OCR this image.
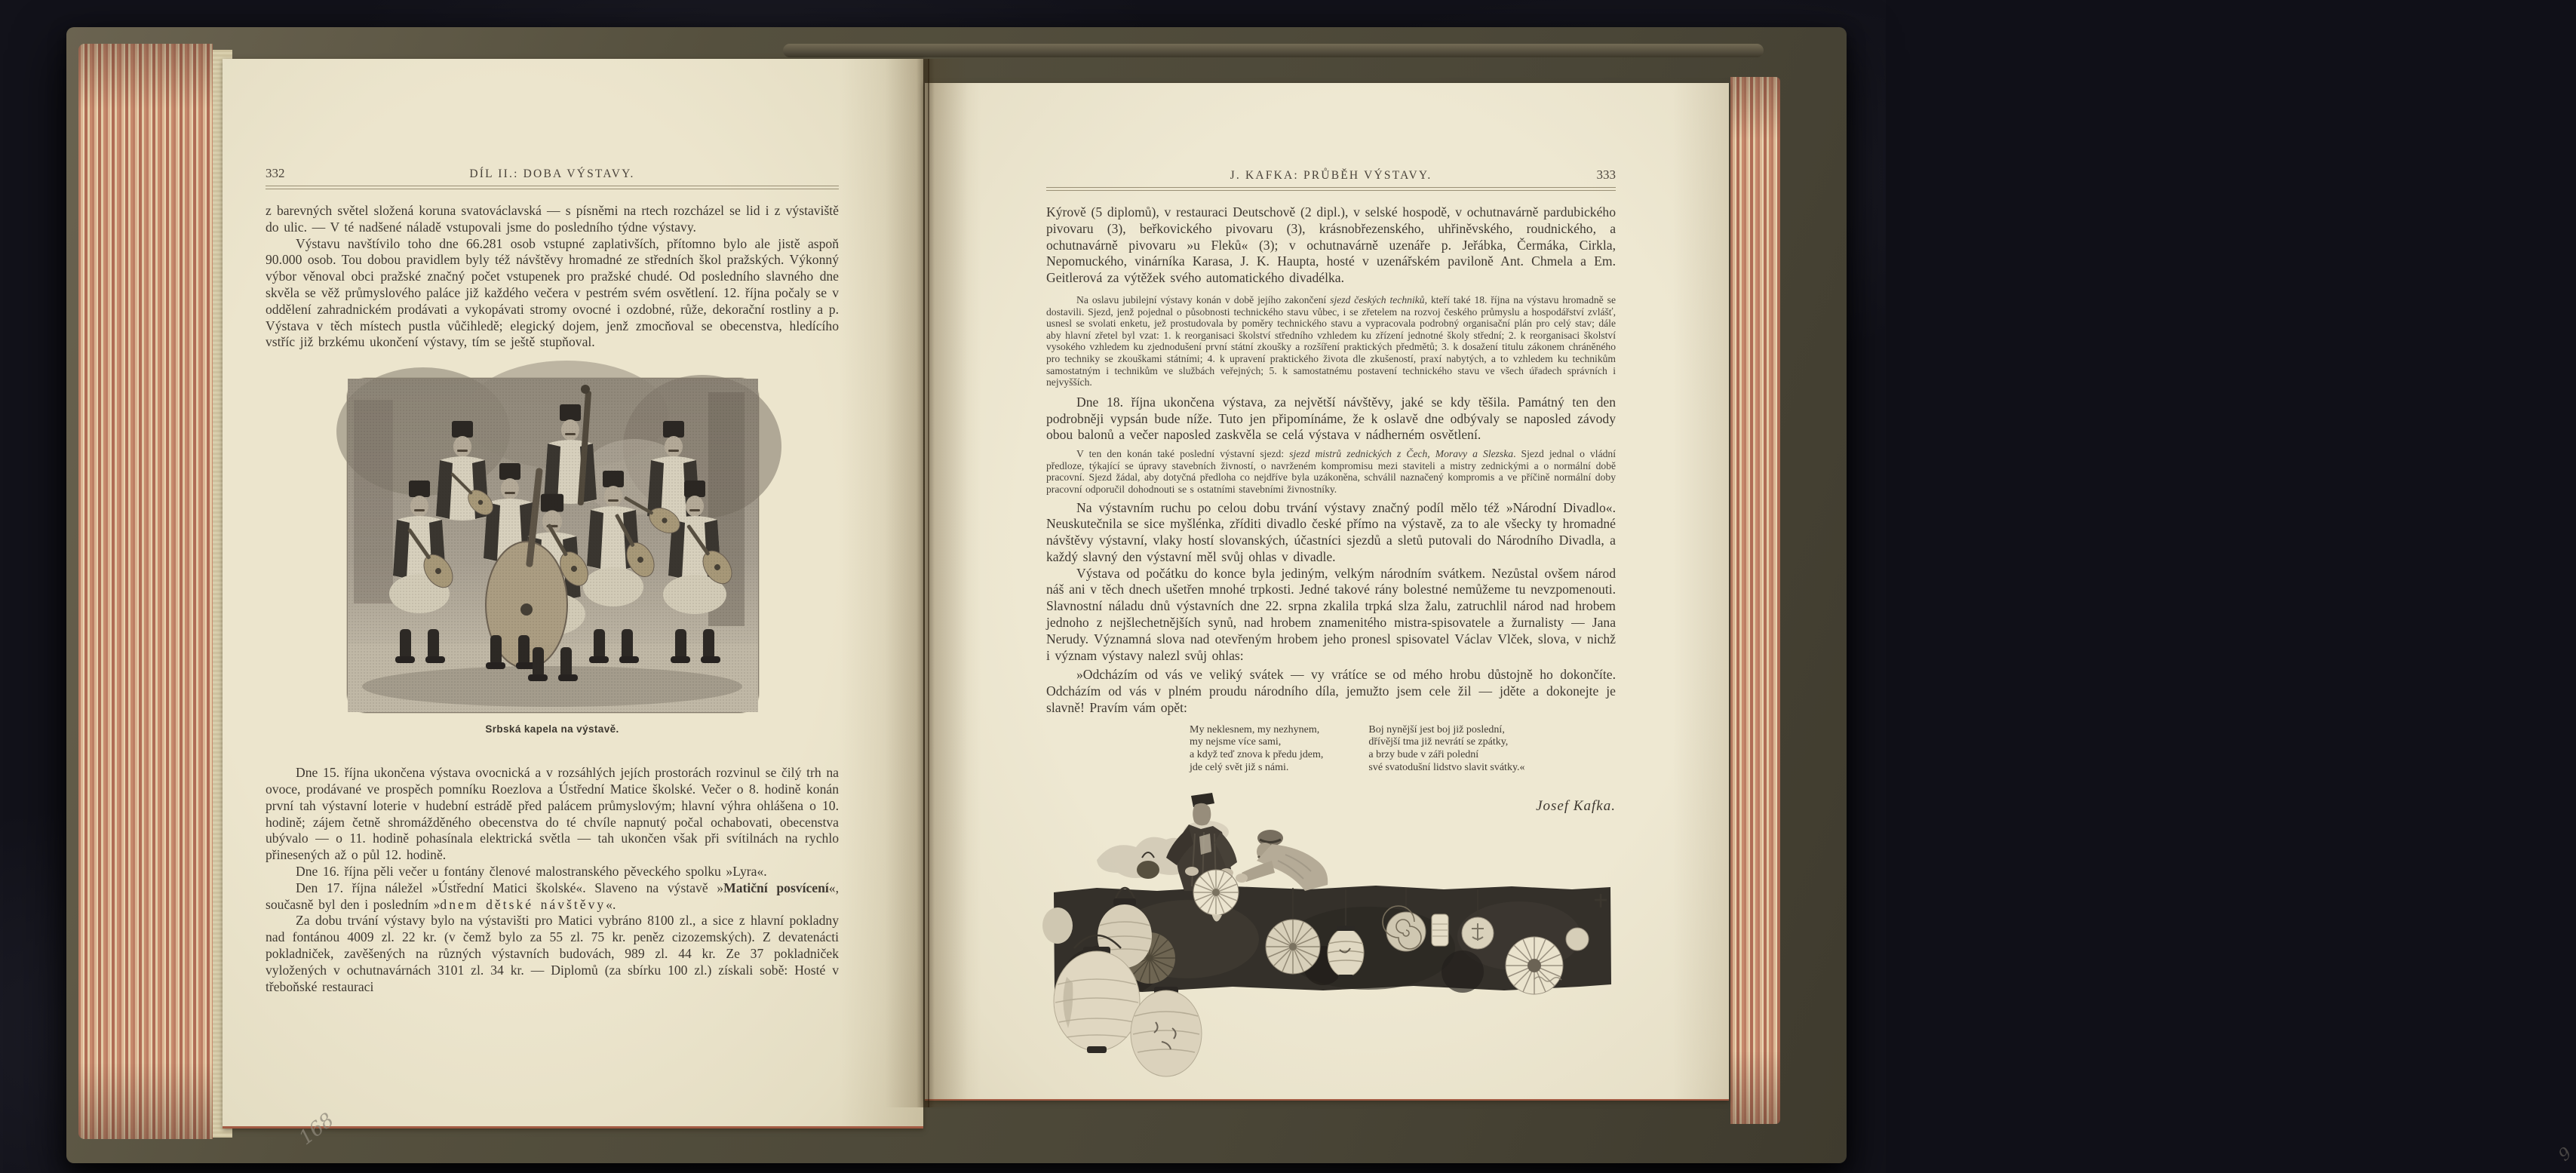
332	DÍL II.: DOBA VÝSTAVY.

z barevných světel složená koruna svatováclavská — s písněmi na rtech rozcházel se lid i z výstaviště do ulic. — V té nadšené náladě vstupovali jsme do posledního týdne výstavy.

Výstavu navštívilo toho dne 66.281 osob vstupné zaplativších, přítomno bylo ale jistě aspoň 90.000 osob. Tou dobou pravidlem byly též návštěvy hromadné ze středních škol pražských. Výkonný výbor věnoval obci pražské značný počet vstupenek pro pražské chudé. Od posledního slavného dne skvěla se věž průmyslového paláce již každého večera v pestrém svém osvětlení. 12. října počaly se v oddělení zahradnickém prodávati a vykopávati stromy ovocné i ozdobné, růže, dekorační rostliny a p. Výstava v těch místech pustla vůčihledě; elegický dojem, jenž zmocňoval se obecenstva, hledícího vstříc již brzkému ukončení výstavy, tím se ještě stupňoval.

Srbská kapela na výstavě.

Dne 15. října ukončena výstava ovocnická a v rozsáhlých jejích prostorách rozvinul se čilý trh na ovoce, prodávané ve prospěch pomníku Roezlova a Ústřední Matice školské. Večer o 8. hodině konán první tah výstavní loterie v hudební estrádě před palácem průmyslovým; hlavní výhra ohlášena o 10. hodině; zájem četně shromážděného obecenstva do té chvíle napnutý počal ochabovati, obecenstva ubývalo — o 11. hodině pohasínala elektrická světla — tah ukončen však při svítilnách na rychlo přinesených až o půl 12. hodině.

Dne 16. října pěli večer u fontány členové malostranského pěveckého spolku »Lyra«.

Den 17. října náležel »Ústřední Matici školské«. Slaveno na výstavě »Matiční posvícení«, současně byl den i posledním »dnem dětské návštěvy«.

Za dobu trvání výstavy bylo na výstavišti pro Matici vybráno 8100 zl., a sice z hlavní pokladny nad fontánou 4009 zl. 22 kr. (v čemž bylo za 55 zl. 75 kr. peněz cizozemských). Z devatenácti pokladniček, zavěšených na různých výstavních budovách, 989 zl. 44 kr. Ze 37 pokladniček vyložených v ochutnavárnách 3101 zl. 34 kr. — Diplomů (za sbírku 100 zl.) získali sobě: Hosté v třeboňské restauraci

168
J. KAFKA: PRŮBĚH VÝSTAVY.	333

Kýrově (5 diplomů), v restauraci Deutschově (2 dipl.), v selské hospodě, v ochutnavárně pardubického pivovaru (3), beřkovického pivovaru (3), krásnobřezenského, uhřiněvského, roudnického, a ochutnavárně pivovaru »u Fleků« (3); v ochutnavárně uzenáře p. Jeřábka, Čermáka, Cirkla, Nepomuckého, vinárníka Karasa, J. K. Haupta, hosté v uzenářském paviloně Ant. Chmela a Em. Geitlerová za výtěžek svého automatického divadélka.

Na oslavu jubilejní výstavy konán v době jejího zakončení sjezd českých techniků, kteří také 18. října na výstavu hromadně se dostavili. Sjezd, jenž pojednal o působnosti technického stavu vůbec, i se zřetelem na rozvoj českého průmyslu a hospodářství zvlášť, usnesl se svolati enketu, jež prostudovala by poměry technického stavu a vypracovala podrobný organisační plán pro celý stav; dále aby hlavní zřetel byl vzat: 1. k reorganisaci školství středního vzhledem ku zřízení jednotné školy střední; 2. k reorganisaci školství vysokého vzhledem ku zjednodušení první státní zkoušky a rozšíření praktických předmětů; 3. k dosažení titulu zákonem chráněného pro techniky se zkouškami státními; 4. k upravení praktického života dle zkušeností, praxí nabytých, a to vzhledem ku technikům samostatným i technikům ve službách veřejných; 5. k samostatnému postavení technického stavu ve všech úřadech správních i nejvyšších.

Dne 18. října ukončena výstava, za největší návštěvy, jaké se kdy těšila. Památný ten den podrobněji vypsán bude níže. Tuto jen připomínáme, že k oslavě dne odbývaly se naposled závody obou balonů a večer naposled zaskvěla se celá výstava v nádherném osvětlení.

V ten den konán také poslední výstavní sjezd: sjezd mistrů zednických z Čech, Moravy a Slezska. Sjezd jednal o vládní předloze, týkající se úpravy stavebních živností, o navrženém kompromisu mezi staviteli a mistry zednickými a o normální době pracovní. Sjezd žádal, aby dotyčná předloha co nejdříve byla uzákoněna, schválil naznačený kompromis a ve příčině normální doby pracovní odporučil dohodnouti se s ostatními stavebními živnostníky.

Na výstavním ruchu po celou dobu trvání výstavy značný podíl mělo též »Národní Divadlo«. Neuskutečnila se sice myšlénka, zříditi divadlo české přímo na výstavě, za to ale všecky ty hromadné návštěvy výstavní, vlaky hostí slovanských, účastníci sjezdů a sletů putovali do Národního Divadla, a každý slavný den výstavní měl svůj ohlas v divadle.

Výstava od počátku do konce byla jediným, velkým národním svátkem. Nezůstal ovšem národ náš ani v těch dnech ušetřen mnohé trpkosti. Jedné takové rány bolestné nemůžeme tu nevzpomenouti. Slavnostní náladu dnů výstavních dne 22. srpna zkalila trpká slza žalu, zatruchlil národ nad hrobem jednoho z nejšlechetnějších synů, nad hrobem znamenitého mistra-spisovatele a žurnalisty — Jana Nerudy. Významná slova nad otevřeným hrobem jeho pronesl spisovatel Václav Vlček, slova, v nichž i význam výstavy nalezl svůj ohlas:

»Odcházím od vás ve veliký svátek — vy vrátíce se od mého hrobu důstojně ho dokončíte. Odcházím od vás v plném proudu národního díla, jemužto jsem cele žil — jděte a dokonejte je slavně! Pravím vám opět:

My neklesnem, my nezhynem,
my nejsme více sami,
a když teď znova k předu jdem,
jde celý svět již s námi.
Boj nynější jest boj již poslední,
dřívější tma již nevrátí se zpátky,
a brzy bude v záři polední
své svatodušní lidstvo slavit svátky.«
Josef Kafka.
9
